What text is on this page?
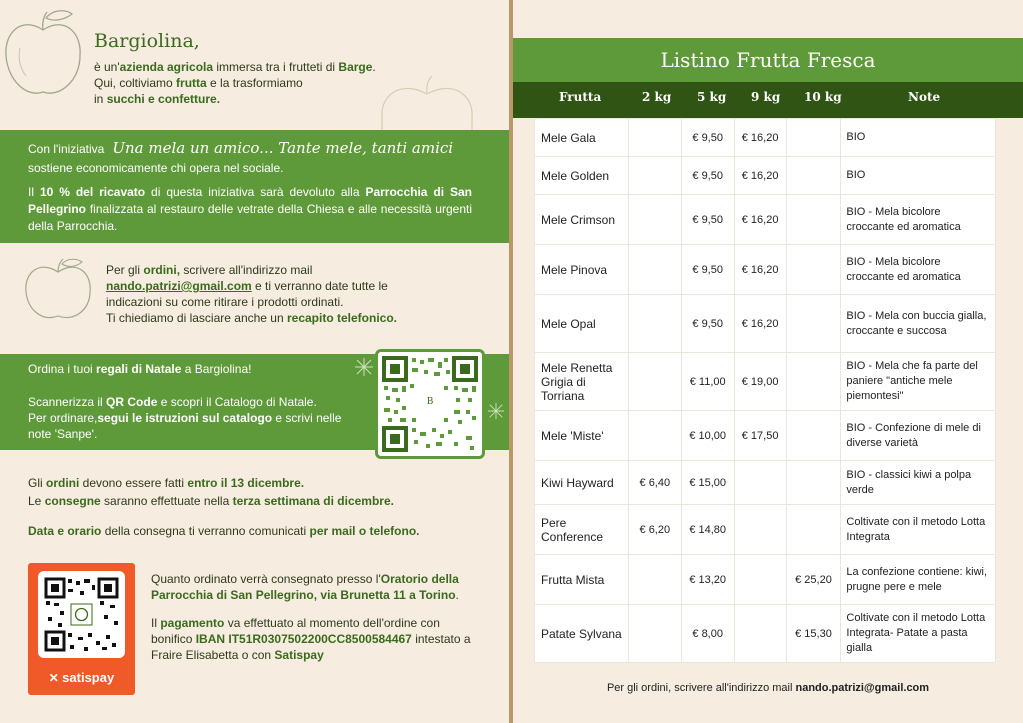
Bargiolina,
è un'azienda agricola immersa tra i frutteti di Barge.
Qui, coltiviamo frutta e la trasformiamo
in succhi e confetture.
Con l'iniziativa Una mela un amico... Tante mele, tanti amici
sostiene economicamente chi opera nel sociale.
Il 10 % del ricavato di questa iniziativa sarà devoluto alla Parrocchia di San Pellegrino finalizzata al restauro delle vetrate della Chiesa e alle necessità urgenti della Parrocchia.
Per gli ordini, scrivere all'indirizzo mail
nando.patrizi@gmail.com e ti verranno date tutte le
indicazioni su come ritirare i prodotti ordinati.
Ti chiediamo di lasciare anche un recapito telefonico.
Ordina i tuoi regali di Natale a Bargiolina!
Scannerizza il QR Code e scopri il Catalogo di Natale.
Per ordinare,segui le istruzioni sul catalogo e scrivi nelle note 'Sanpe'.
B
Gli ordini devono essere fatti entro il 13 dicembre.
Le consegne saranno effettuate nella terza settimana di dicembre.
Data e orario della consegna ti verranno comunicati per mail o telefono.
✕ satispay

Quanto ordinato verrà consegnato presso l'Oratorio della Parrocchia di San Pellegrino, via Brunetta 11 a Torino.

Il pagamento va effettuato al momento dell'ordine con bonifico IBAN IT51R0307502200CC8500584467 intestato a Fraire Elisabetta o con Satispay

Listino Frutta Fresca
Frutta	2 kg 5 kg 9 kg 10 kg	Note
Mele Gala		€ 9,50	€ 16,20		BIO
Mele Golden		€ 9,50	€ 16,20		BIO
Mele Crimson		€ 9,50	€ 16,20		BIO - Mela bicolore croccante ed aromatica
Mele Pinova		€ 9,50	€ 16,20		BIO - Mela bicolore croccante ed aromatica
Mele Opal		€ 9,50	€ 16,20		BIO - Mela con buccia gialla, croccante e succosa
Mele Renetta Grigia di Torriana		€ 11,00	€ 19,00		BIO - Mela che fa parte del paniere "antiche mele piemontesi"
Mele 'Miste'		€ 10,00	€ 17,50		BIO - Confezione di mele di diverse varietà
Kiwi Hayward	€ 6,40	€ 15,00			BIO - classici kiwi a polpa verde
Pere Conference	€ 6,20	€ 14,80			Coltivate con il metodo Lotta Integrata
Frutta Mista		€ 13,20		€ 25,20	La confezione contiene: kiwi, prugne pere e mele
Patate Sylvana		€ 8,00		€ 15,30	Coltivate con il metodo Lotta Integrata- Patate a pasta gialla
Per gli ordini, scrivere all'indirizzo mail nando.patrizi@gmail.com
